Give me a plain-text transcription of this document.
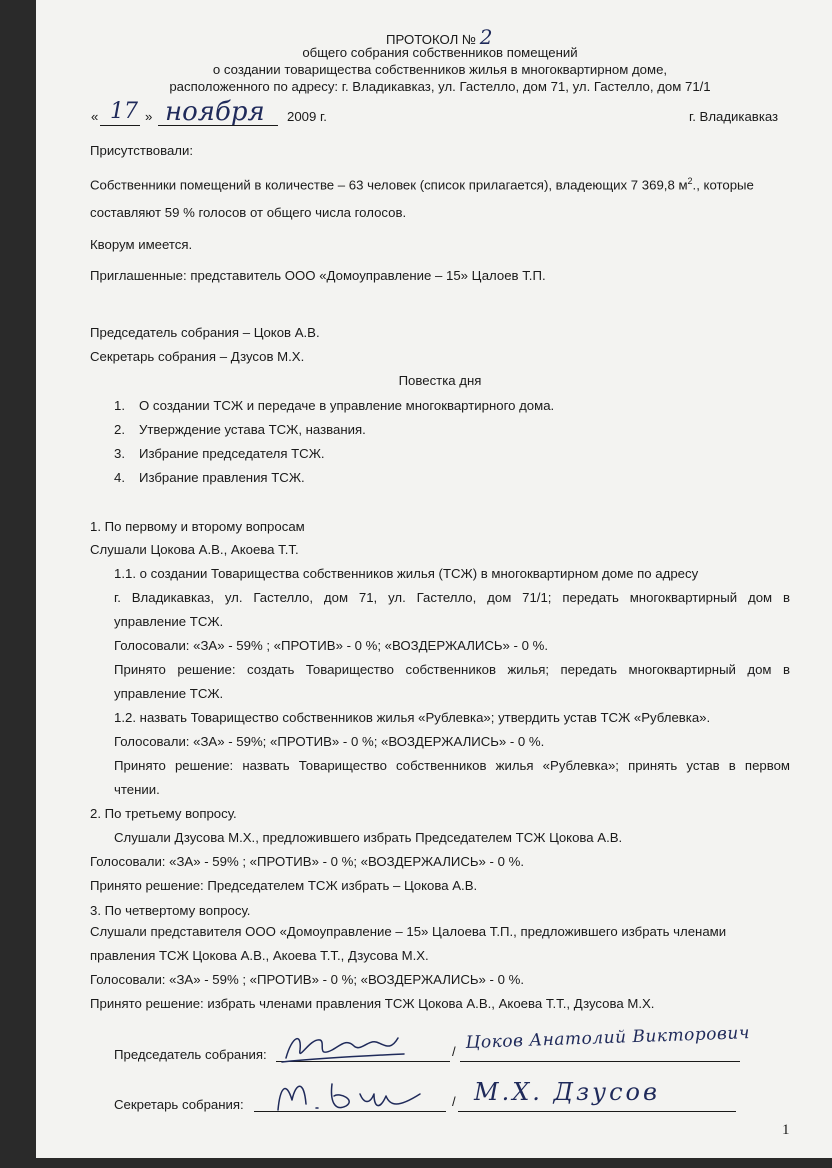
ПРОТОКОЛ № 2
общего собрания собственников помещений
о создании товарищества собственников жилья в многоквартирном доме,
расположенного по адресу: г. Владикавказ, ул. Гастелло, дом 71, ул. Гастелло, дом 71/1
« 17 » ноября 2009 г.	г. Владикавказ
Присутствовали:
Собственники помещений в количестве – 63 человек (список прилагается), владеющих 7 369,8 $м^2$., которые
составляют 59 % голосов от общего числа голосов.
Кворум имеется.
Приглашенные: представитель ООО «Домоуправление – 15» Цалоев Т.П.
Председатель собрания – Цоков А.В.
Секретарь собрания – Дзусов М.Х.
Повестка дня
1. О создании ТСЖ и передаче в управление многоквартирного дома.
2. Утверждение устава ТСЖ, названия.
3. Избрание председателя ТСЖ.
4. Избрание правления ТСЖ.
1. По первому и второму вопросам
Слушали Цокова А.В., Акоева Т.Т.
1.1. о создании Товарищества собственников жилья (ТСЖ) в многоквартирном доме по адресу
г. Владикавказ, ул. Гастелло, дом 71, ул. Гастелло, дом 71/1; передать многоквартирный дом в
управление ТСЖ.
Голосовали: «ЗА» - 59% ; «ПРОТИВ» - 0 %; «ВОЗДЕРЖАЛИСЬ» - 0 %.
Принято решение: создать Товарищество собственников жилья; передать многоквартирный дом в
управление ТСЖ.
1.2. назвать Товарищество собственников жилья «Рублевка»; утвердить устав ТСЖ «Рублевка».
Голосовали: «ЗА» - 59%; «ПРОТИВ» - 0 %; «ВОЗДЕРЖАЛИСЬ» - 0 %.
Принято решение: назвать Товарищество собственников жилья «Рублевка»; принять устав в первом
чтении.
2. По третьему вопросу.
Слушали Дзусова М.Х., предложившего избрать Председателем ТСЖ Цокова А.В.
Голосовали: «ЗА» - 59% ; «ПРОТИВ» - 0 %; «ВОЗДЕРЖАЛИСЬ» - 0 %.
Принято решение: Председателем ТСЖ избрать – Цокова А.В.
3. По четвертому вопросу.
Слушали представителя ООО «Домоуправление – 15» Цалоева Т.П., предложившего избрать членами
правления ТСЖ Цокова А.В., Акоева Т.Т., Дзусова М.Х.
Голосовали: «ЗА» - 59% ; «ПРОТИВ» - 0 %; «ВОЗДЕРЖАЛИСЬ» - 0 %.
Принято решение: избрать членами правления ТСЖ Цокова А.В., Акоева Т.Т., Дзусова М.Х.
Председатель собрания:	/ Цоков Анатолий Викторович
Секретарь собрания:	/ М.Х. Дзусов
1
